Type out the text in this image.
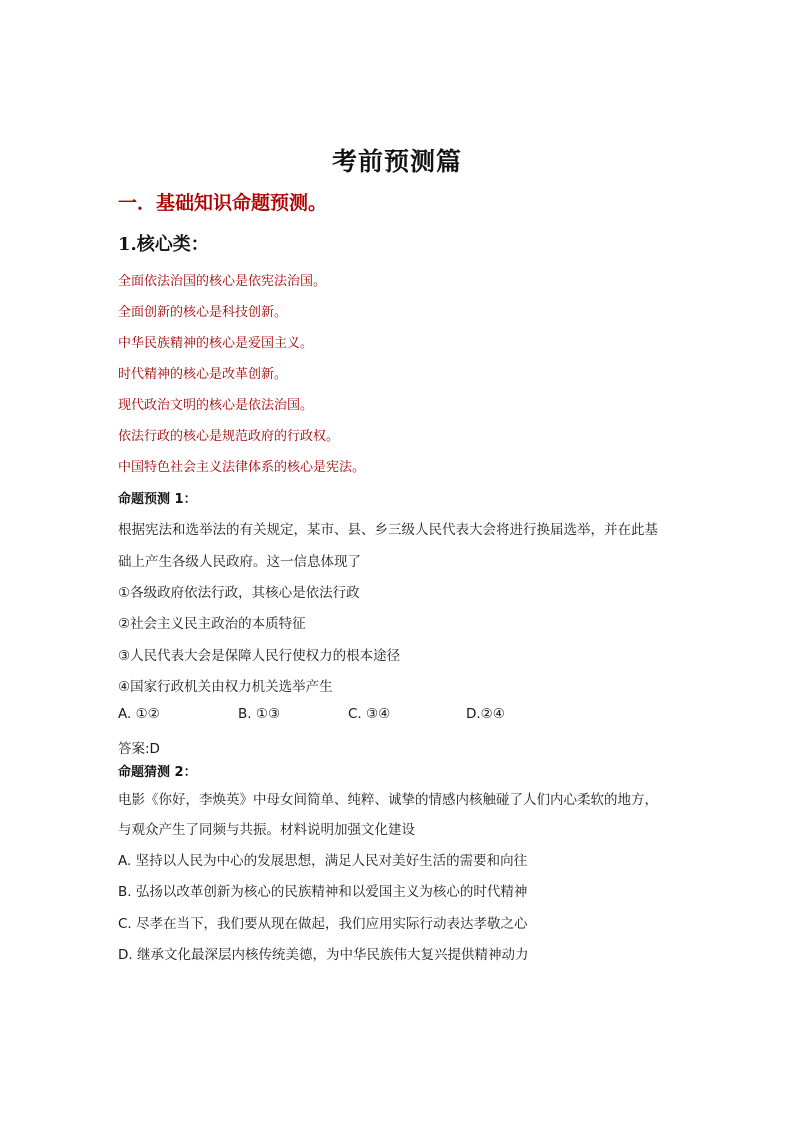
考前预测篇
一．基础知识命题预测。
1.核心类：
全面依法治国的核心是依宪法治国。
全面创新的核心是科技创新。
中华民族精神的核心是爱国主义。
时代精神的核心是改革创新。
现代政治文明的核心是依法治国。
依法行政的核心是规范政府的行政权。
中国特色社会主义法律体系的核心是宪法。
命题预测 1：
根据宪法和选举法的有关规定，某市、县、乡三级人民代表大会将进行换届选举，并在此基
础上产生各级人民政府。这一信息体现了
①各级政府依法行政，其核心是依法行政
②社会主义民主政治的本质特征
③人民代表大会是保障人民行使权力的根本途径
④国家行政机关由权力机关选举产生
A. ①②	B. ①③	C. ③④	D.②④
答案:D
命题猜测 2：
电影《你好，李焕英》中母女间简单、纯粹、诚挚的情感内核触碰了人们内心柔软的地方，
与观众产生了同频与共振。材料说明加强文化建设
A. 坚持以人民为中心的发展思想，满足人民对美好生活的需要和向往
B. 弘扬以改革创新为核心的民族精神和以爱国主义为核心的时代精神
C. 尽孝在当下，我们要从现在做起，我们应用实际行动表达孝敬之心
D. 继承文化最深层内核传统美德，为中华民族伟大复兴提供精神动力
